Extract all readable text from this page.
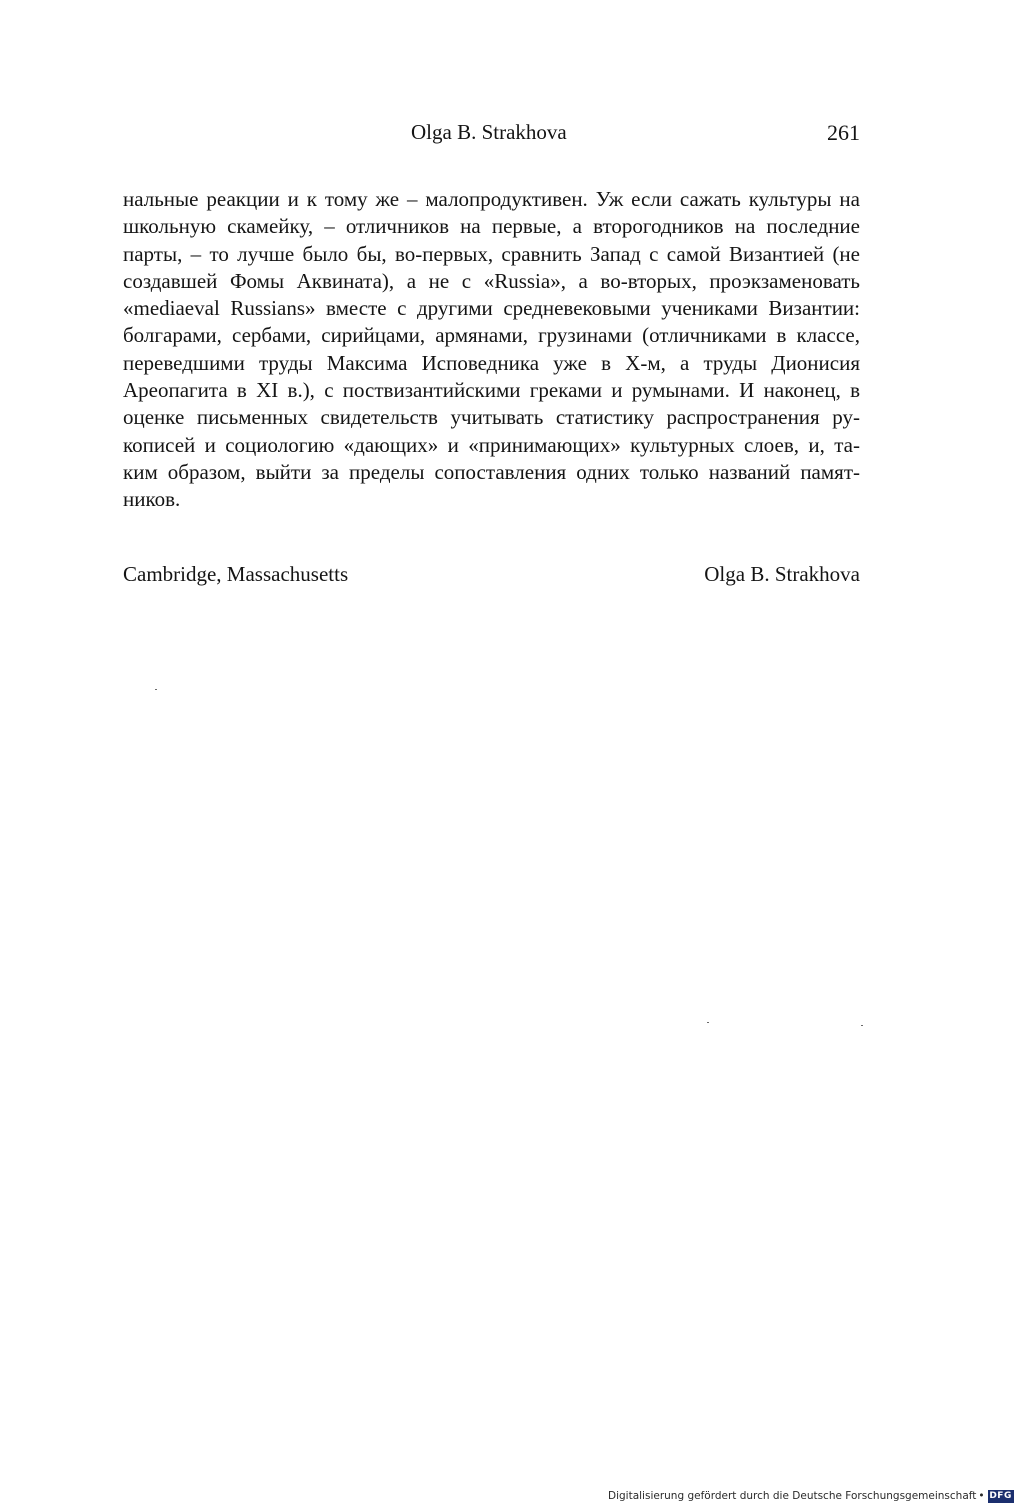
Olga B. Strakhova	261
нальные реакции и к тому же – малопродуктивен. Уж если сажать культуры на
школьную скамейку, – отличников на первые, а второгодников на последние
парты, – то лучше было бы, во-первых, сравнить Запад с самой Византией (не
создавшей Фомы Аквината), а не с «Russia», а во-вторых, проэкзаменовать
«mediaeval Russians» вместе с другими средневековыми учениками Византии:
болгарами, сербами, сирийцами, армянами, грузинами (отличниками в классе,
переведшими труды Максима Исповедника уже в X-м, а труды Дионисия
Ареопагита в XI в.), с поствизантийскими греками и румынами. И наконец, в
оценке письменных свидетельств учитывать статистику распространения ру-
кописей и социологию «дающих» и «принимающих» культурных слоев, и, та-
ким образом, выйти за пределы сопоставления одних только названий памят-
ников.
Cambridge, Massachusetts	Olga B. Strakhova
Digitalisierung gefördert durch die Deutsche Forschungsgemeinschaft • DFG
